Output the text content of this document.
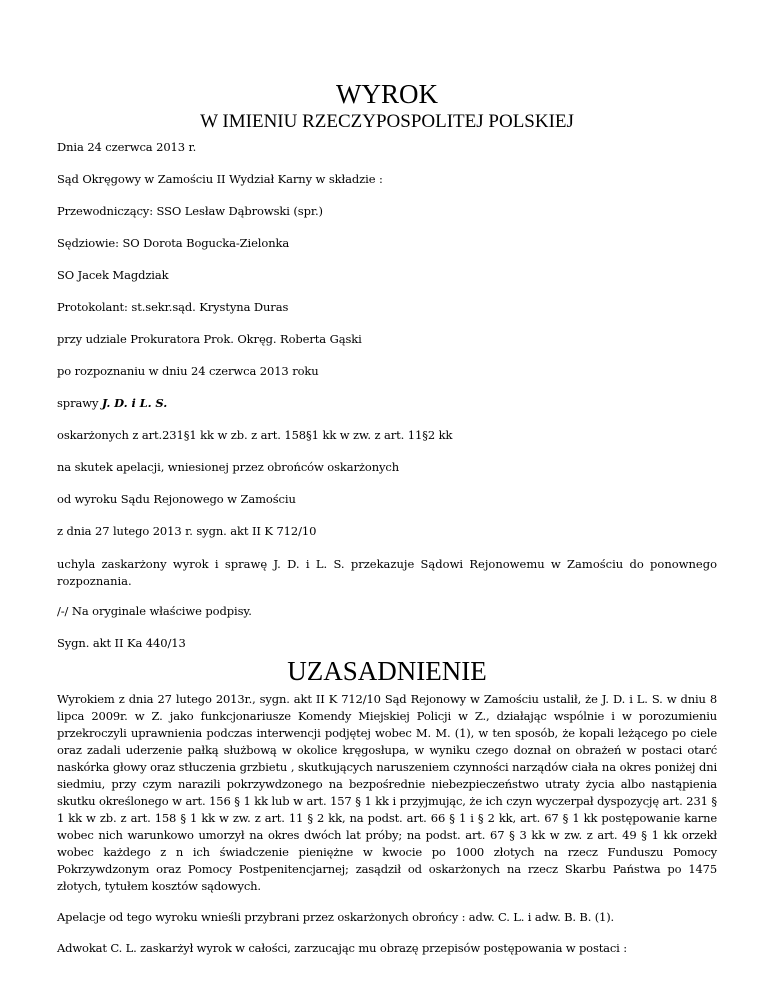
WYROK
W IMIENIU RZECZYPOSPOLITEJ POLSKIEJ

Dnia 24 czerwca 2013 r.

Sąd Okręgowy w Zamościu II Wydział Karny w składzie :

Przewodniczący: SSO Lesław Dąbrowski (spr.)

Sędziowie: SO Dorota Bogucka-Zielonka

SO Jacek Magdziak

Protokolant: st.sekr.sąd. Krystyna Duras

przy udziale Prokuratora Prok. Okręg. Roberta Gąski

po rozpoznaniu w dniu 24 czerwca 2013 roku

sprawy J. D. i L. S.

oskarżonych z art.231§1 kk w zb. z art. 158§1 kk w zw. z art. 11§2 kk

na skutek apelacji, wniesionej przez obrońców oskarżonych

od wyroku Sądu Rejonowego w Zamościu

z dnia 27 lutego 2013 r. sygn. akt II K 712/10

uchyla zaskarżony wyrok i sprawę J. D. i L. S. przekazuje Sądowi Rejonowemu w Zamościu do ponownego rozpoznania.

/-/ Na oryginale właściwe podpisy.

Sygn. akt II Ka 440/13

UZASADNIENIE

Wyrokiem z dnia 27 lutego 2013r., sygn. akt II K 712/10 Sąd Rejonowy w Zamościu ustalił, że J. D. i L. S. w dniu 8 lipca 2009r. w Z. jako funkcjonariusze Komendy Miejskiej Policji w Z., działając wspólnie i w porozumieniu przekroczyli uprawnienia podczas interwencji podjętej wobec M. M. (1), w ten sposób, że kopali leżącego po ciele oraz zadali uderzenie pałką służbową w okolice kręgosłupa, w wyniku czego doznał on obrażeń w postaci otarć naskórka głowy oraz stłuczenia grzbietu , skutkujących naruszeniem czynności narządów ciała na okres poniżej dni siedmiu, przy czym narazili pokrzywdzonego na bezpośrednie niebezpieczeństwo utraty życia albo nastąpienia skutku określonego w art. 156 § 1 kk lub w art. 157 § 1 kk i przyjmując, że ich czyn wyczerpał dyspozycję art. 231 § 1 kk w zb. z art. 158 § 1 kk w zw. z art. 11 § 2 kk, na podst. art. 66 § 1 i § 2 kk, art. 67 § 1 kk postępowanie karne wobec nich warunkowo umorzył na okres dwóch lat próby; na podst. art. 67 § 3 kk w zw. z art. 49 § 1 kk orzekł wobec każdego z n ich świadczenie pieniężne w kwocie po 1000 złotych na rzecz Funduszu Pomocy Pokrzywdzonym oraz Pomocy Postpenitencjarnej; zasądził od oskarżonych na rzecz Skarbu Państwa po 1475 złotych, tytułem kosztów sądowych.

Apelacje od tego wyroku wnieśli przybrani przez oskarżonych obrońcy : adw. C. L. i adw. B. B. (1).

Adwokat C. L. zaskarżył wyrok w całości, zarzucając mu obrazę przepisów postępowania w postaci :
